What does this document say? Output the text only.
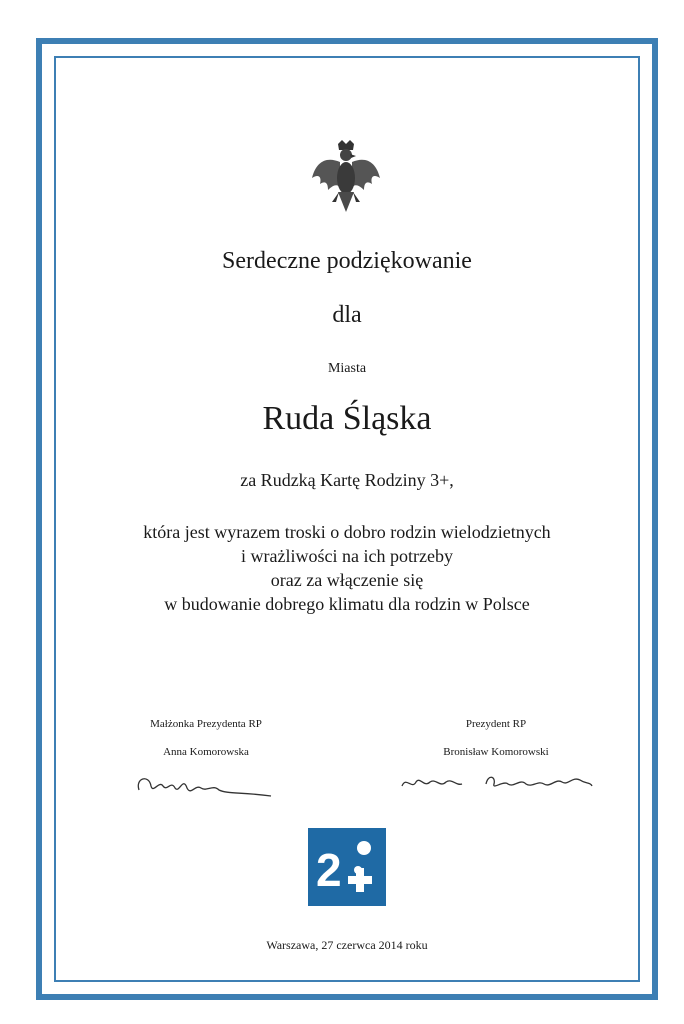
Serdeczne podziękowanie
dla
Miasta
Ruda Śląska
za Rudzką Kartę Rodziny 3+,
która jest wyrazem troski o dobro rodzin wielodzietnych
i wrażliwości na ich potrzeby
oraz za włączenie się
w budowanie dobrego klimatu dla rodzin w Polsce
Małżonka Prezydenta RP
Anna Komorowska
Prezydent RP
Bronisław Komorowski
2
Warszawa, 27 czerwca 2014 roku
